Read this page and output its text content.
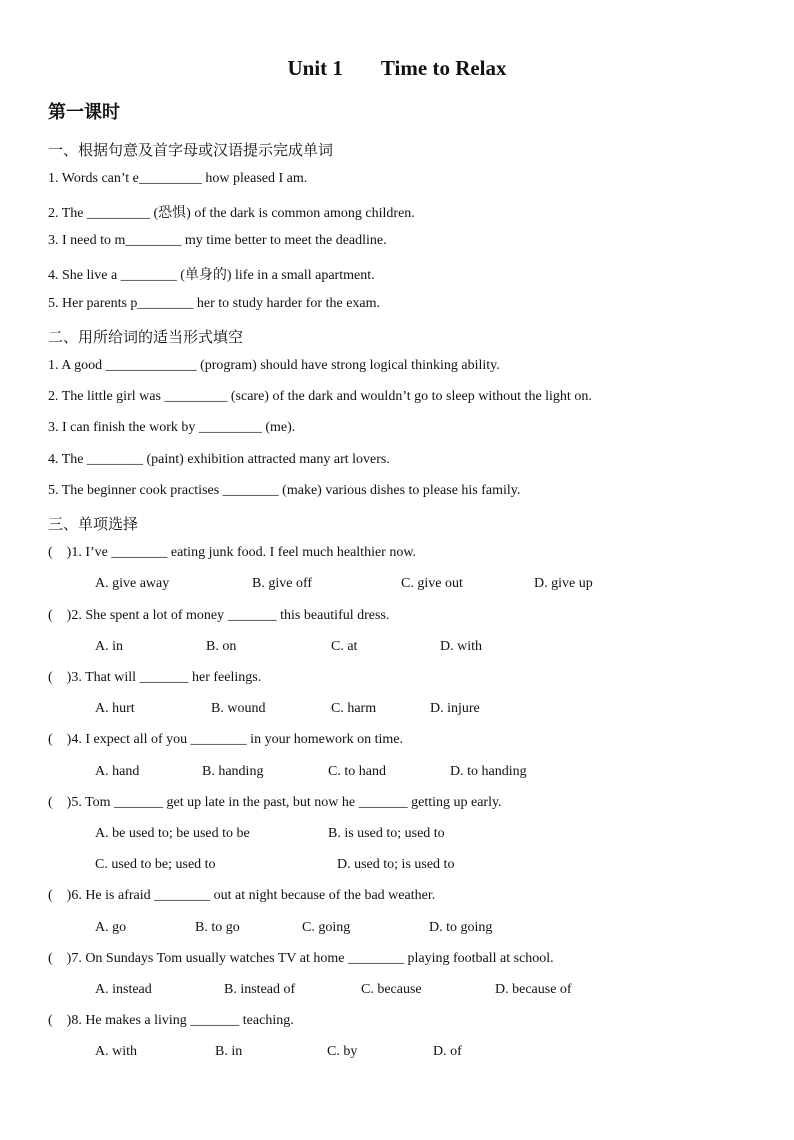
Unit 1 Time to Relax
第一课时
一、根据句意及首字母或汉语提示完成单词
1. Words can’t e_________ how pleased I am.
2. The _________ (恐惧) of the dark is common among children.
3. I need to m________ my time better to meet the deadline.
4. She live a ________ (单身的) life in a small apartment.
5. Her parents p________ her to study harder for the exam.
二、用所给词的适当形式填空
1. A good _____________ (program) should have strong logical thinking ability.
2. The little girl was _________ (scare) of the dark and wouldn’t go to sleep without the light on.
3. I can finish the work by _________ (me).
4. The ________ (paint) exhibition attracted many art lovers.
5. The beginner cook practises ________ (make) various dishes to please his family.
三、单项选择
(    )1. I’ve ________ eating junk food. I feel much healthier now.

A. give away

	B. give off

	C. give out

	D. give up

(    )2. She spent a lot of money _______ this beautiful dress.

A. in

	B. on

	C. at

	D. with

(    )3. That will _______ her feelings.

A. hurt

	B. wound

	C. harm

	D. injure

(    )4. I expect all of you ________ in your homework on time.

A. hand

	B. handing

	C. to hand

	D. to handing

(    )5. Tom _______ get up late in the past, but now he _______ getting up early.

A. be used to; be used to be

	B. is used to; used to

C. used to be; used to

	D. used to; is used to

(    )6. He is afraid ________ out at night because of the bad weather.

A. go

	B. to go

	C. going

	D. to going

(    )7. On Sundays Tom usually watches TV at home ________ playing football at school.

A. instead

	B. instead of

	C. because

	D. because of

(    )8. He makes a living _______ teaching.

A. with

	B. in

	C. by

	D. of
